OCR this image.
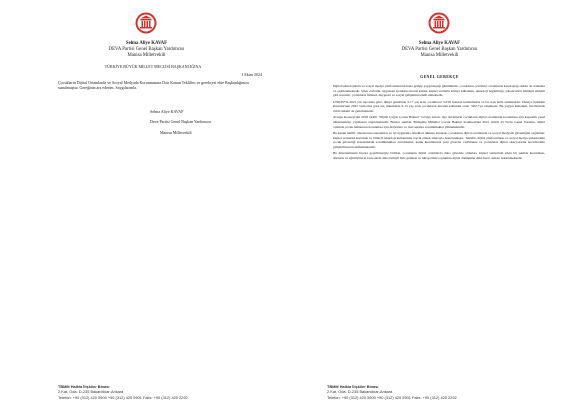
Selma Aliye KAVAF
DEVA Partisi Genel Başkan Yardımcısı
Manisa Milletvekili
TÜRKİYE BÜYÜK MİLLET MECLİSİ BAŞKANLIĞINA
1 Ekim 2024
Çocukların Dijital Ortamlarda ve Sosyal Medyada Korunmasına Dair Kanun Teklifim ve gerekçesi ekte Başkanlığınıza sunulmuştur. Gereğinin arz ederim. Saygılarımla.
Selma Aliye KAVAF
Deva Partisi Genel Başkan Yardımcısı
Manisa Milletvekili
TBMM Halkla İlişkiler Binası
2.Kat, Oda: D-235 Bakanlıklar-Ankara
Telefon: +90 (312) 420 5900 +90 (312) 420 5901 Faks: +90 (312) 420 2292
Selma Aliye KAVAF
DEVA Partisi Genel Başkan Yardımcısı
Manisa Milletvekili
GENEL GEREKÇE
Dijital teknolojilerin ve sosyal medya platformlarının hızla gelişip yaygınlaştığı günümüzde, çocukların çevrimiçi ortamlarda karşılaştığı riskler de artmakta ve çeşitlenmektedir. Siber zorbalık, uygunsuz içeriklere maruz kalma, kişisel verilerin kötüye kullanımı, teknoloji bağımlılığı, yabancılarla tehlikeli iletişim gibi sorunlar, çocukların fiziksel, duygusal ve sosyal gelişimini tehdit etmektedir.
UNICEF'in 2021 yılı raporuna göre, dünya genelinde 3-17 yaş arası çocukların %33'ü internet kullanmakta ve bu oran hızla artmaktadır. Türkiye İstatistik Kurumu'nun 2022 verilerine göre ise, ülkemizde 6-15 yaş arası çocukların internet kullanım oranı %82,7'ye ulaşmıştır. Bu yaygın kullanım, beraberinde ciddi riskleri de getirmektedir.
Avrupa Konseyi'nin 2018 tarihli "Dijital Çağda Çocuk Hakları" tavsiye kararı, üye devletlerin çocukların dijital ortamlarda korunması için kapsamlı yasal düzenlemeler yapmasını öngörmektedir. Benzer şekilde, Birleşmiş Milletler Çocuk Hakları Komitesi'nin 2021 tarihli 25 No'lu Genel Yorumu, dijital ortamda çocuk haklarının korunması için devletlere ve özel sektöre sorumluluklar yüklemektedir.
Bu kanun teklifi, uluslararası standartlar ve iyi uygulama örnekleri dikkate alınarak, çocukların dijital ortamlarda ve sosyal medyada güvenliğini sağlamak; kişisel verilerini korumak ve bilinçli teknoloji kullanımını teşvik etmek amacıyla hazırlanmıştır. Teklifle, dijital platformların ve sosyal medya şirketlerinin çocuk güvenliği konusundaki sorumlulukları artırılmakta, kamu kurumlarına yeni görevler verilmekte ve çocukların dijital okuryazarlık becerilerinin geliştirilmesi hedeflenmektedir.
Bu düzenlemenin hayata geçirilmesiyle birlikte, çocukların dijital ortamlarda daha güvende olmaları, kişisel verilerinin etkin bir şekilde korunması, ailelerin ve eğitimcilerin bu konuda daha bilinçli hale gelmesi ve nihayetinde toplumun dijital dönüşüme daha hazır olması beklenmektedir.
TBMM Halkla İlişkiler Binası
2.Kat, Oda: D-235 Bakanlıklar-Ankara
Telefon: +90 (312) 420 5900 +90 (312) 420 5901 Faks: +90 (312) 420 2292
